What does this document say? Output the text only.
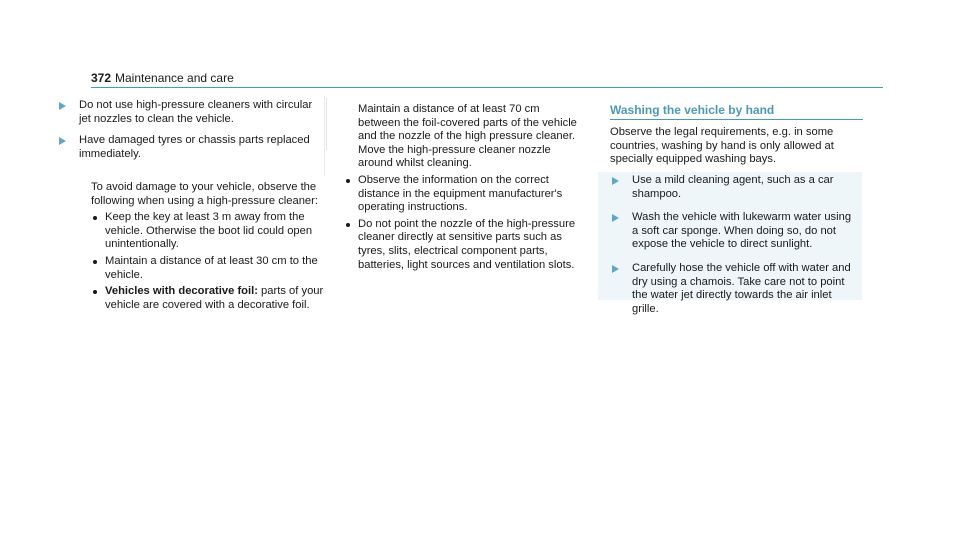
372 Maintenance and care
Do not use high-pressure cleaners with circular jet nozzles to clean the vehicle.
Have damaged tyres or chassis parts replaced immediately.
To avoid damage to your vehicle, observe the following when using a high-pressure cleaner:
Keep the key at least 3 m away from the vehicle. Otherwise the boot lid could open unintentionally.
Maintain a distance of at least 30 cm to the vehicle.
Vehicles with decorative foil: parts of your vehicle are covered with a decorative foil.
Maintain a distance of at least 70 cm between the foil-covered parts of the vehicle and the nozzle of the high pressure cleaner. Move the high-pressure cleaner nozzle around whilst cleaning.
Observe the information on the correct distance in the equipment manufacturer's operating instructions.
Do not point the nozzle of the high-pressure cleaner directly at sensitive parts such as tyres, slits, electrical component parts, batteries, light sources and ventilation slots.
Washing the vehicle by hand
Observe the legal requirements, e.g. in some countries, washing by hand is only allowed at specially equipped washing bays.
Use a mild cleaning agent, such as a car shampoo.
Wash the vehicle with lukewarm water using a soft car sponge. When doing so, do not expose the vehicle to direct sunlight.
Carefully hose the vehicle off with water and dry using a chamois. Take care not to point the water jet directly towards the air inlet grille.
